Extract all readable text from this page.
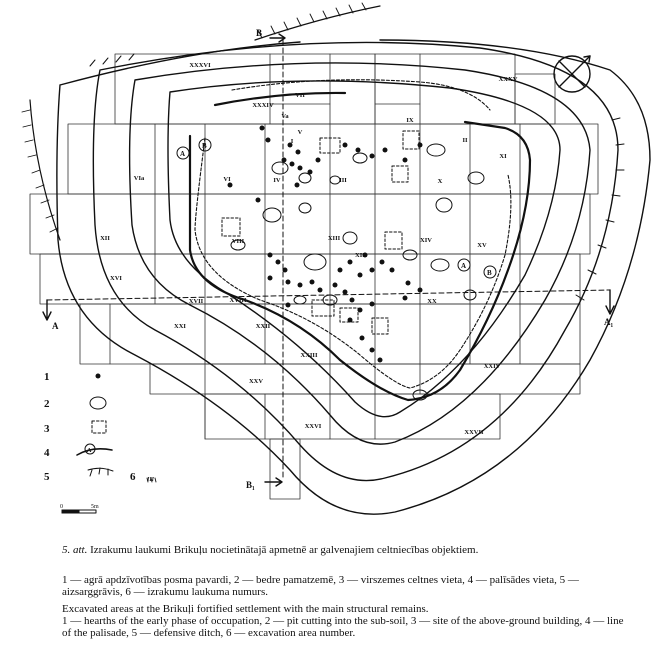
I	II
III
IV
V
Va
VI
VIa
VII
VIII
IX
X
XI
XII	XIII	XIV
XV
XVI
XVII	XVIII
XIX
XX
XXI	XXII
XXIII
XXIV
XXV
XXVI
XXVII
XXXIV
XXXV
XXXVI
B
B₁
A	A₁
A
B
A
B
A
1
2
3
4
5	6 III
0	5m

5. att. Izrakumu laukumi Brikuļu nocietinātajā apmetnē ar galvenajiem celtniecības objektiem.

1 — agrā apdzīvotības posma pavardi, 2 — bedre pamatzemē, 3 — virszemes celtnes vieta, 4 — palīsādes vieta, 5 — aizsarggrāvis, 6 — izrakumu laukuma numurs.

Excavated areas at the Brikuļi fortified settlement with the main structural remains.

1 — hearths of the early phase of occupation, 2 — pit cutting into the sub-soil, 3 — site of the above-ground building, 4 — line of the palisade, 5 — defensive ditch, 6 — excavation area number.
